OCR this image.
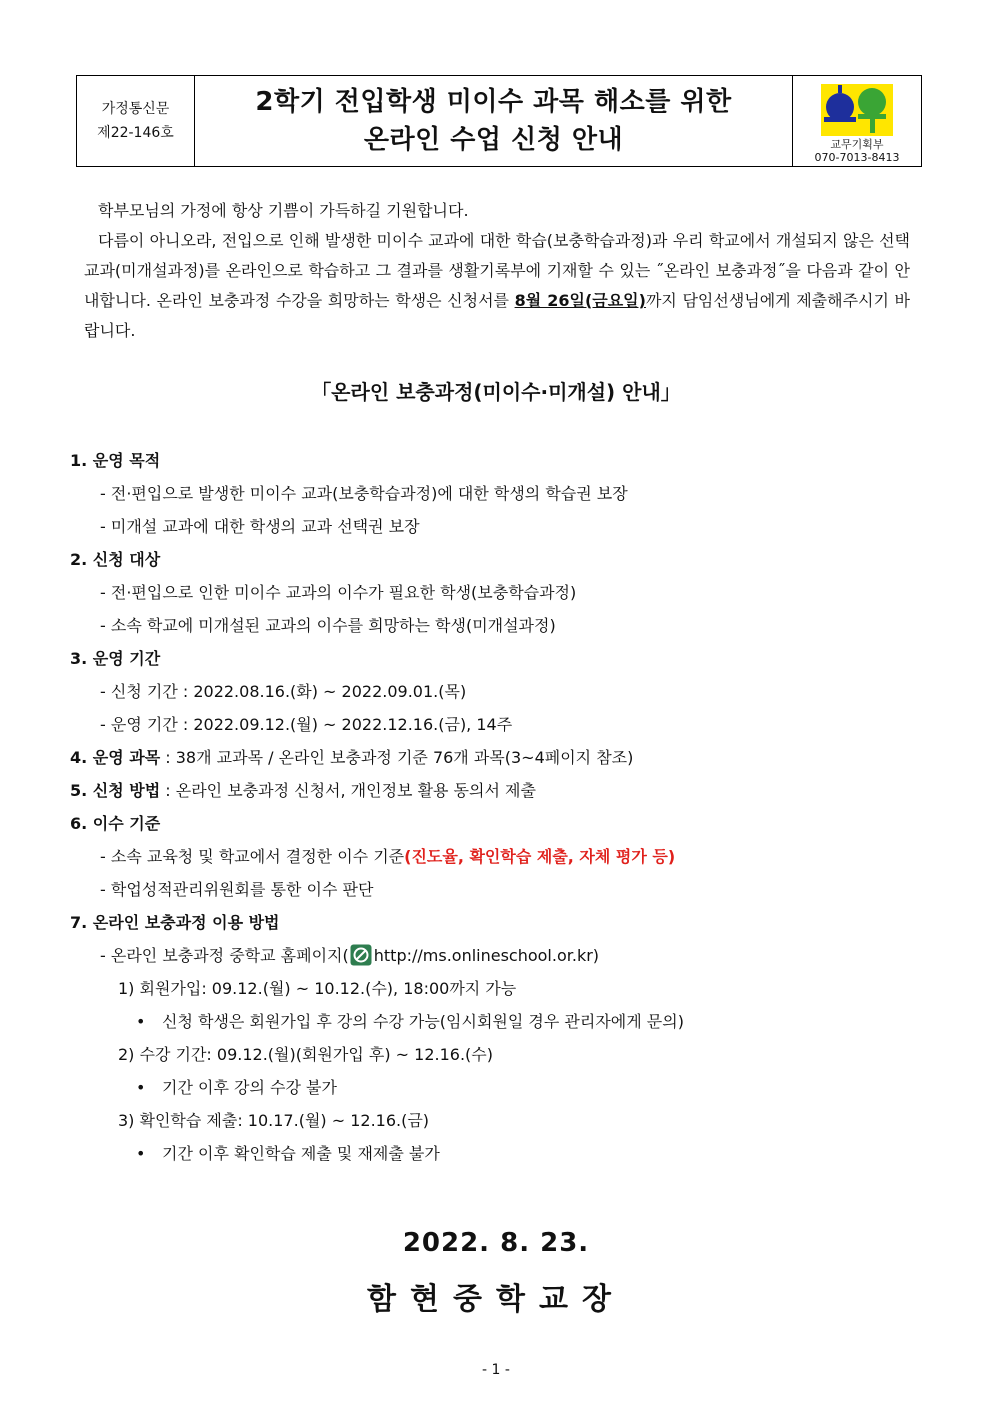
가정통신문
제22-146호
2학기 전입학생 미이수 과목 해소를 위한
온라인 수업 신청 안내	교무기획부
070-7013-8413

학부모님의 가정에 항상 기쁨이 가득하길 기원합니다.

다름이 아니오라, 전입으로 인해 발생한 미이수 교과에 대한 학습(보충학습과정)과 우리 학교에서 개설되지 않은 선택 교과(미개설과정)를 온라인으로 학습하고 그 결과를 생활기록부에 기재할 수 있는 ˝온라인 보충과정˝을 다음과 같이 안내합니다. 온라인 보충과정 수강을 희망하는 학생은 신청서를 8월 26일(금요일)까지 담임선생님에게 제출해주시기 바랍니다.

「온라인 보충과정(미이수·미개설) 안내」
1. 운영 목적
- 전·편입으로 발생한 미이수 교과(보충학습과정)에 대한 학생의 학습권 보장
- 미개설 교과에 대한 학생의 교과 선택권 보장
2. 신청 대상
- 전·편입으로 인한 미이수 교과의 이수가 필요한 학생(보충학습과정)
- 소속 학교에 미개설된 교과의 이수를 희망하는 학생(미개설과정)
3. 운영 기간
- 신청 기간 : 2022.08.16.(화) ~ 2022.09.01.(목)
- 운영 기간 : 2022.09.12.(월) ~ 2022.12.16.(금), 14주
4. 운영 과목 : 38개 교과목 / 온라인 보충과정 기준 76개 과목(3~4페이지 참조)
5. 신청 방법 : 온라인 보충과정 신청서, 개인정보 활용 동의서 제출
6. 이수 기준
- 소속 교육청 및 학교에서 결정한 이수 기준(진도율, 확인학습 제출, 자체 평가 등)
- 학업성적관리위원회를 통한 이수 판단
7. 온라인 보충과정 이용 방법
- 온라인 보충과정 중학교 홈페이지( http://ms.onlineschool.or.kr)
1) 회원가입: 09.12.(월) ~ 10.12.(수), 18:00까지 가능
• 신청 학생은 회원가입 후 강의 수강 가능(임시회원일 경우 관리자에게 문의)
2) 수강 기간: 09.12.(월)(회원가입 후) ~ 12.16.(수)
• 기간 이후 강의 수강 불가
3) 확인학습 제출: 10.17.(월) ~ 12.16.(금)
• 기간 이후 확인학습 제출 및 재제출 불가
2022. 8. 23.
함현중학교장
- 1 -
